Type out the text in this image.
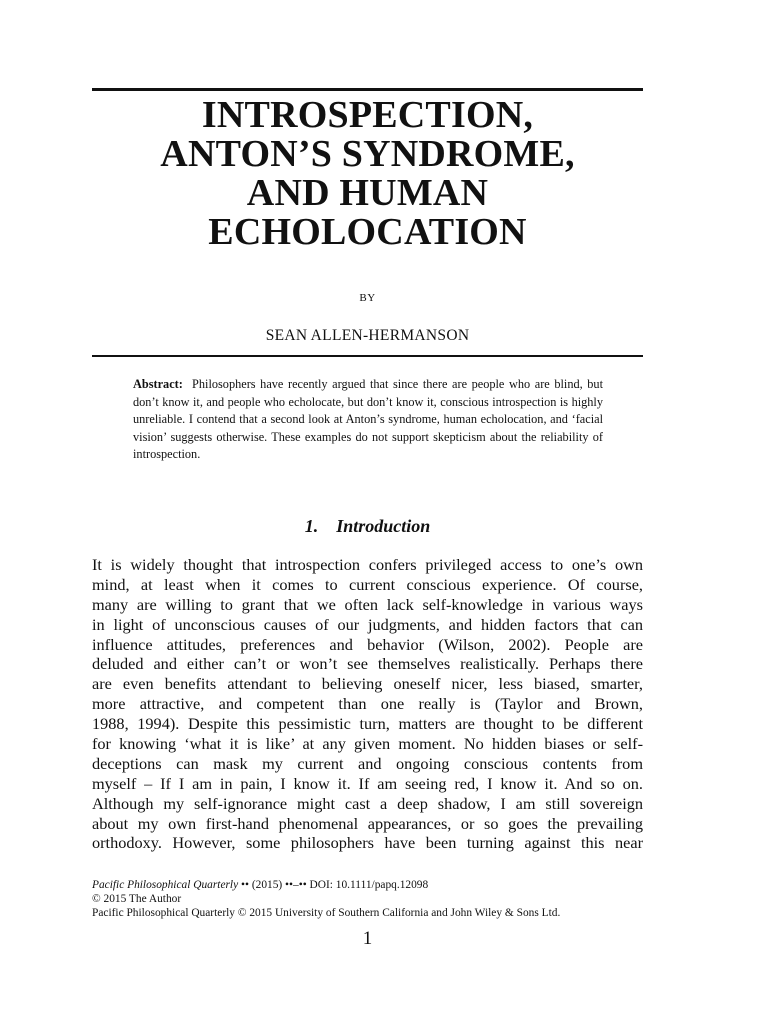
INTROSPECTION,
ANTON’S SYNDROME,
AND HUMAN
ECHOLOCATION
BY
SEAN ALLEN-HERMANSON
Abstract: Philosophers have recently argued that since there are people who are blind, but don’t know it, and people who echolocate, but don’t know it, conscious introspection is highly unreliable. I contend that a second look at Anton’s syndrome, human echolocation, and ‘facial vision’ suggests otherwise. These examples do not support skepticism about the reliability of introspection.
1. Introduction
It is widely thought that introspection confers privileged access to one’s own
mind, at least when it comes to current conscious experience. Of course,
many are willing to grant that we often lack self-knowledge in various ways
in light of unconscious causes of our judgments, and hidden factors that can
influence attitudes, preferences and behavior (Wilson, 2002). People are
deluded and either can’t or won’t see themselves realistically. Perhaps there
are even benefits attendant to believing oneself nicer, less biased, smarter,
more attractive, and competent than one really is (Taylor and Brown,
1988, 1994). Despite this pessimistic turn, matters are thought to be different
for knowing ‘what it is like’ at any given moment. No hidden biases or self-
deceptions can mask my current and ongoing conscious contents from
myself – If I am in pain, I know it. If am seeing red, I know it. And so on.
Although my self-ignorance might cast a deep shadow, I am still sovereign
about my own first-hand phenomenal appearances, or so goes the prevailing
orthodoxy. However, some philosophers have been turning against this near
Pacific Philosophical Quarterly •• (2015) ••–•• DOI: 10.1111/papq.12098
© 2015 The Author
Pacific Philosophical Quarterly © 2015 University of Southern California and John Wiley & Sons Ltd.
1
